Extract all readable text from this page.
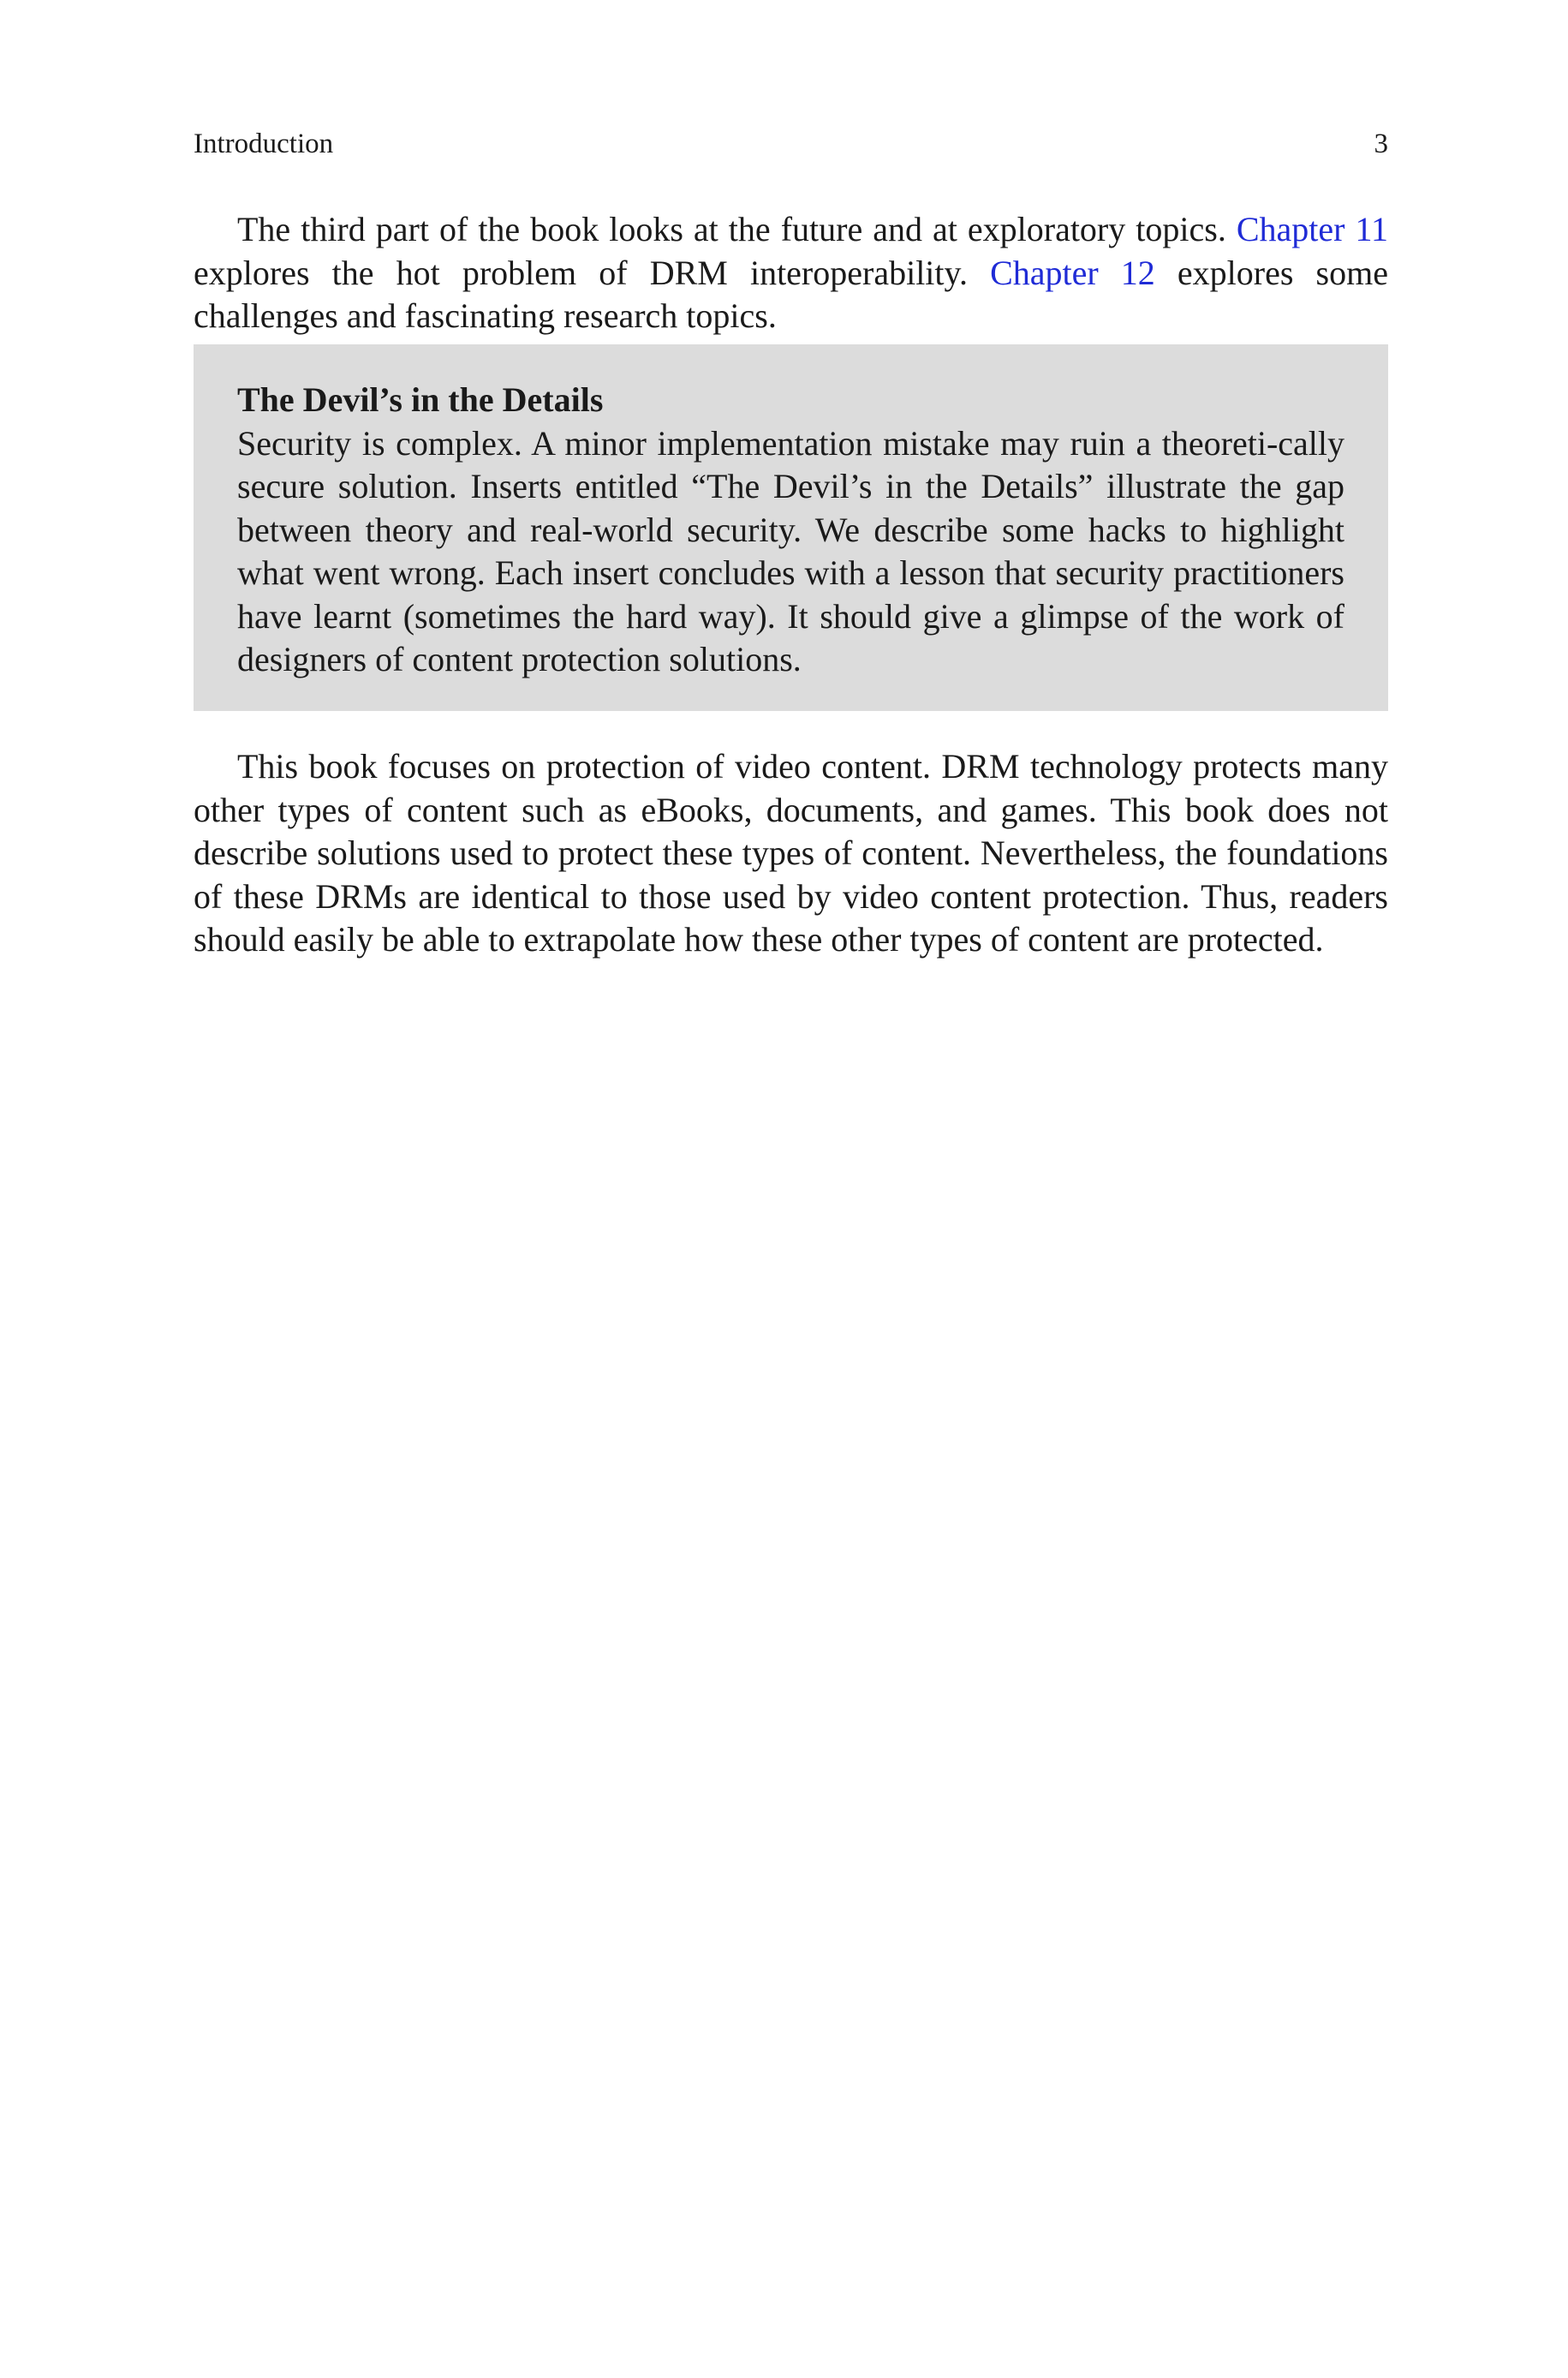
Introduction	3

The third part of the book looks at the future and at exploratory topics. Chapter 11 explores the hot problem of DRM interoperability. Chapter 12 explores some challenges and fascinating research topics.

The Devil’s in the Details

Security is complex. A minor implementation mistake may ruin a theoreti-cally secure solution. Inserts entitled “The Devil’s in the Details” illustrate the gap between theory and real-world security. We describe some hacks to highlight what went wrong. Each insert concludes with a lesson that security practitioners have learnt (sometimes the hard way). It should give a glimpse of the work of designers of content protection solutions.

This book focuses on protection of video content. DRM technology protects many other types of content such as eBooks, documents, and games. This book does not describe solutions used to protect these types of content. Nevertheless, the foundations of these DRMs are identical to those used by video content protection. Thus, readers should easily be able to extrapolate how these other types of content are protected.
